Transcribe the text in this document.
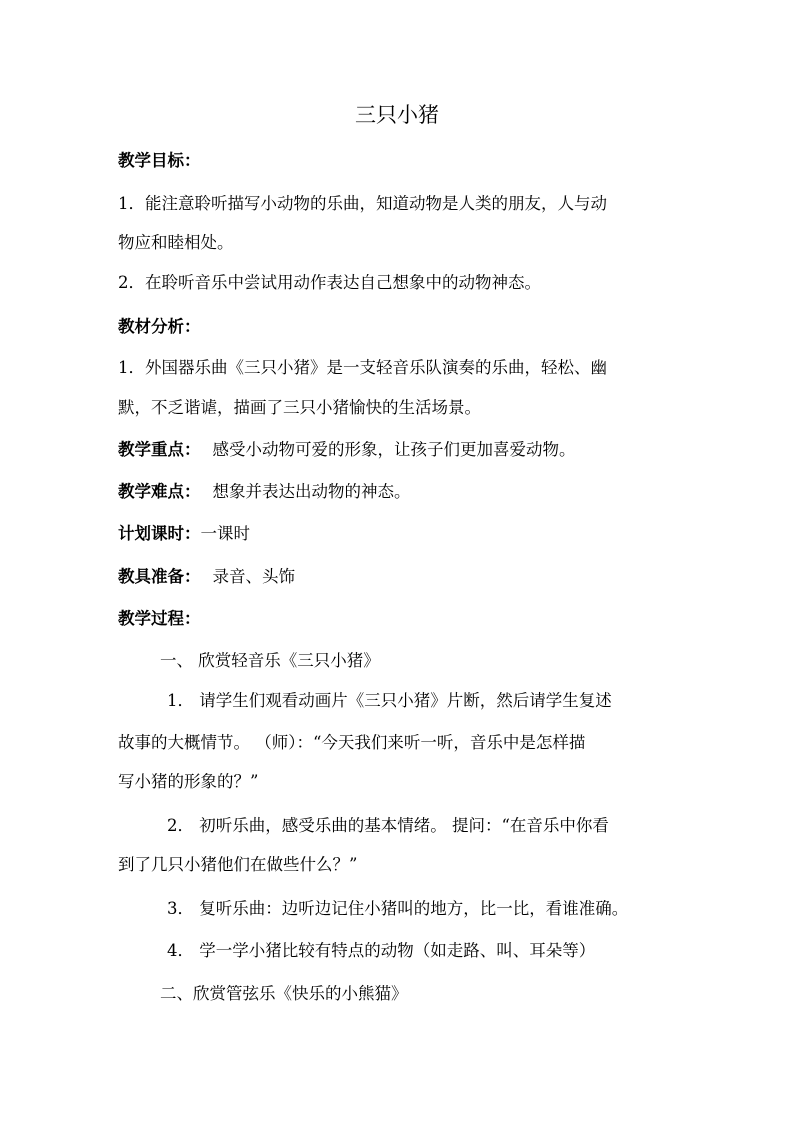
三只小猪
教学目标：
1．能注意聆听描写小动物的乐曲，知道动物是人类的朋友，人与动
物应和睦相处。
2．在聆听音乐中尝试用动作表达自己想象中的动物神态。
教材分析：
1．外国器乐曲《三只小猪》是一支轻音乐队演奏的乐曲，轻松、幽
默，不乏谐谑，描画了三只小猪愉快的生活场景。
教学重点： 感受小动物可爱的形象，让孩子们更加喜爱动物。
教学难点： 想象并表达出动物的神态。
计划课时：一课时
教具准备： 录音、头饰
教学过程：
一、 欣赏轻音乐《三只小猪》
1． 请学生们观看动画片《三只小猪》片断，然后请学生复述
故事的大概情节。 （师）：“今天我们来听一听，音乐中是怎样描
写小猪的形象的？”
2． 初听乐曲，感受乐曲的基本情绪。 提问：“在音乐中你看
到了几只小猪他们在做些什么？”
3． 复听乐曲：边听边记住小猪叫的地方，比一比，看谁准确。
4． 学一学小猪比较有特点的动物（如走路、叫、耳朵等）
二、欣赏管弦乐《快乐的小熊猫》
